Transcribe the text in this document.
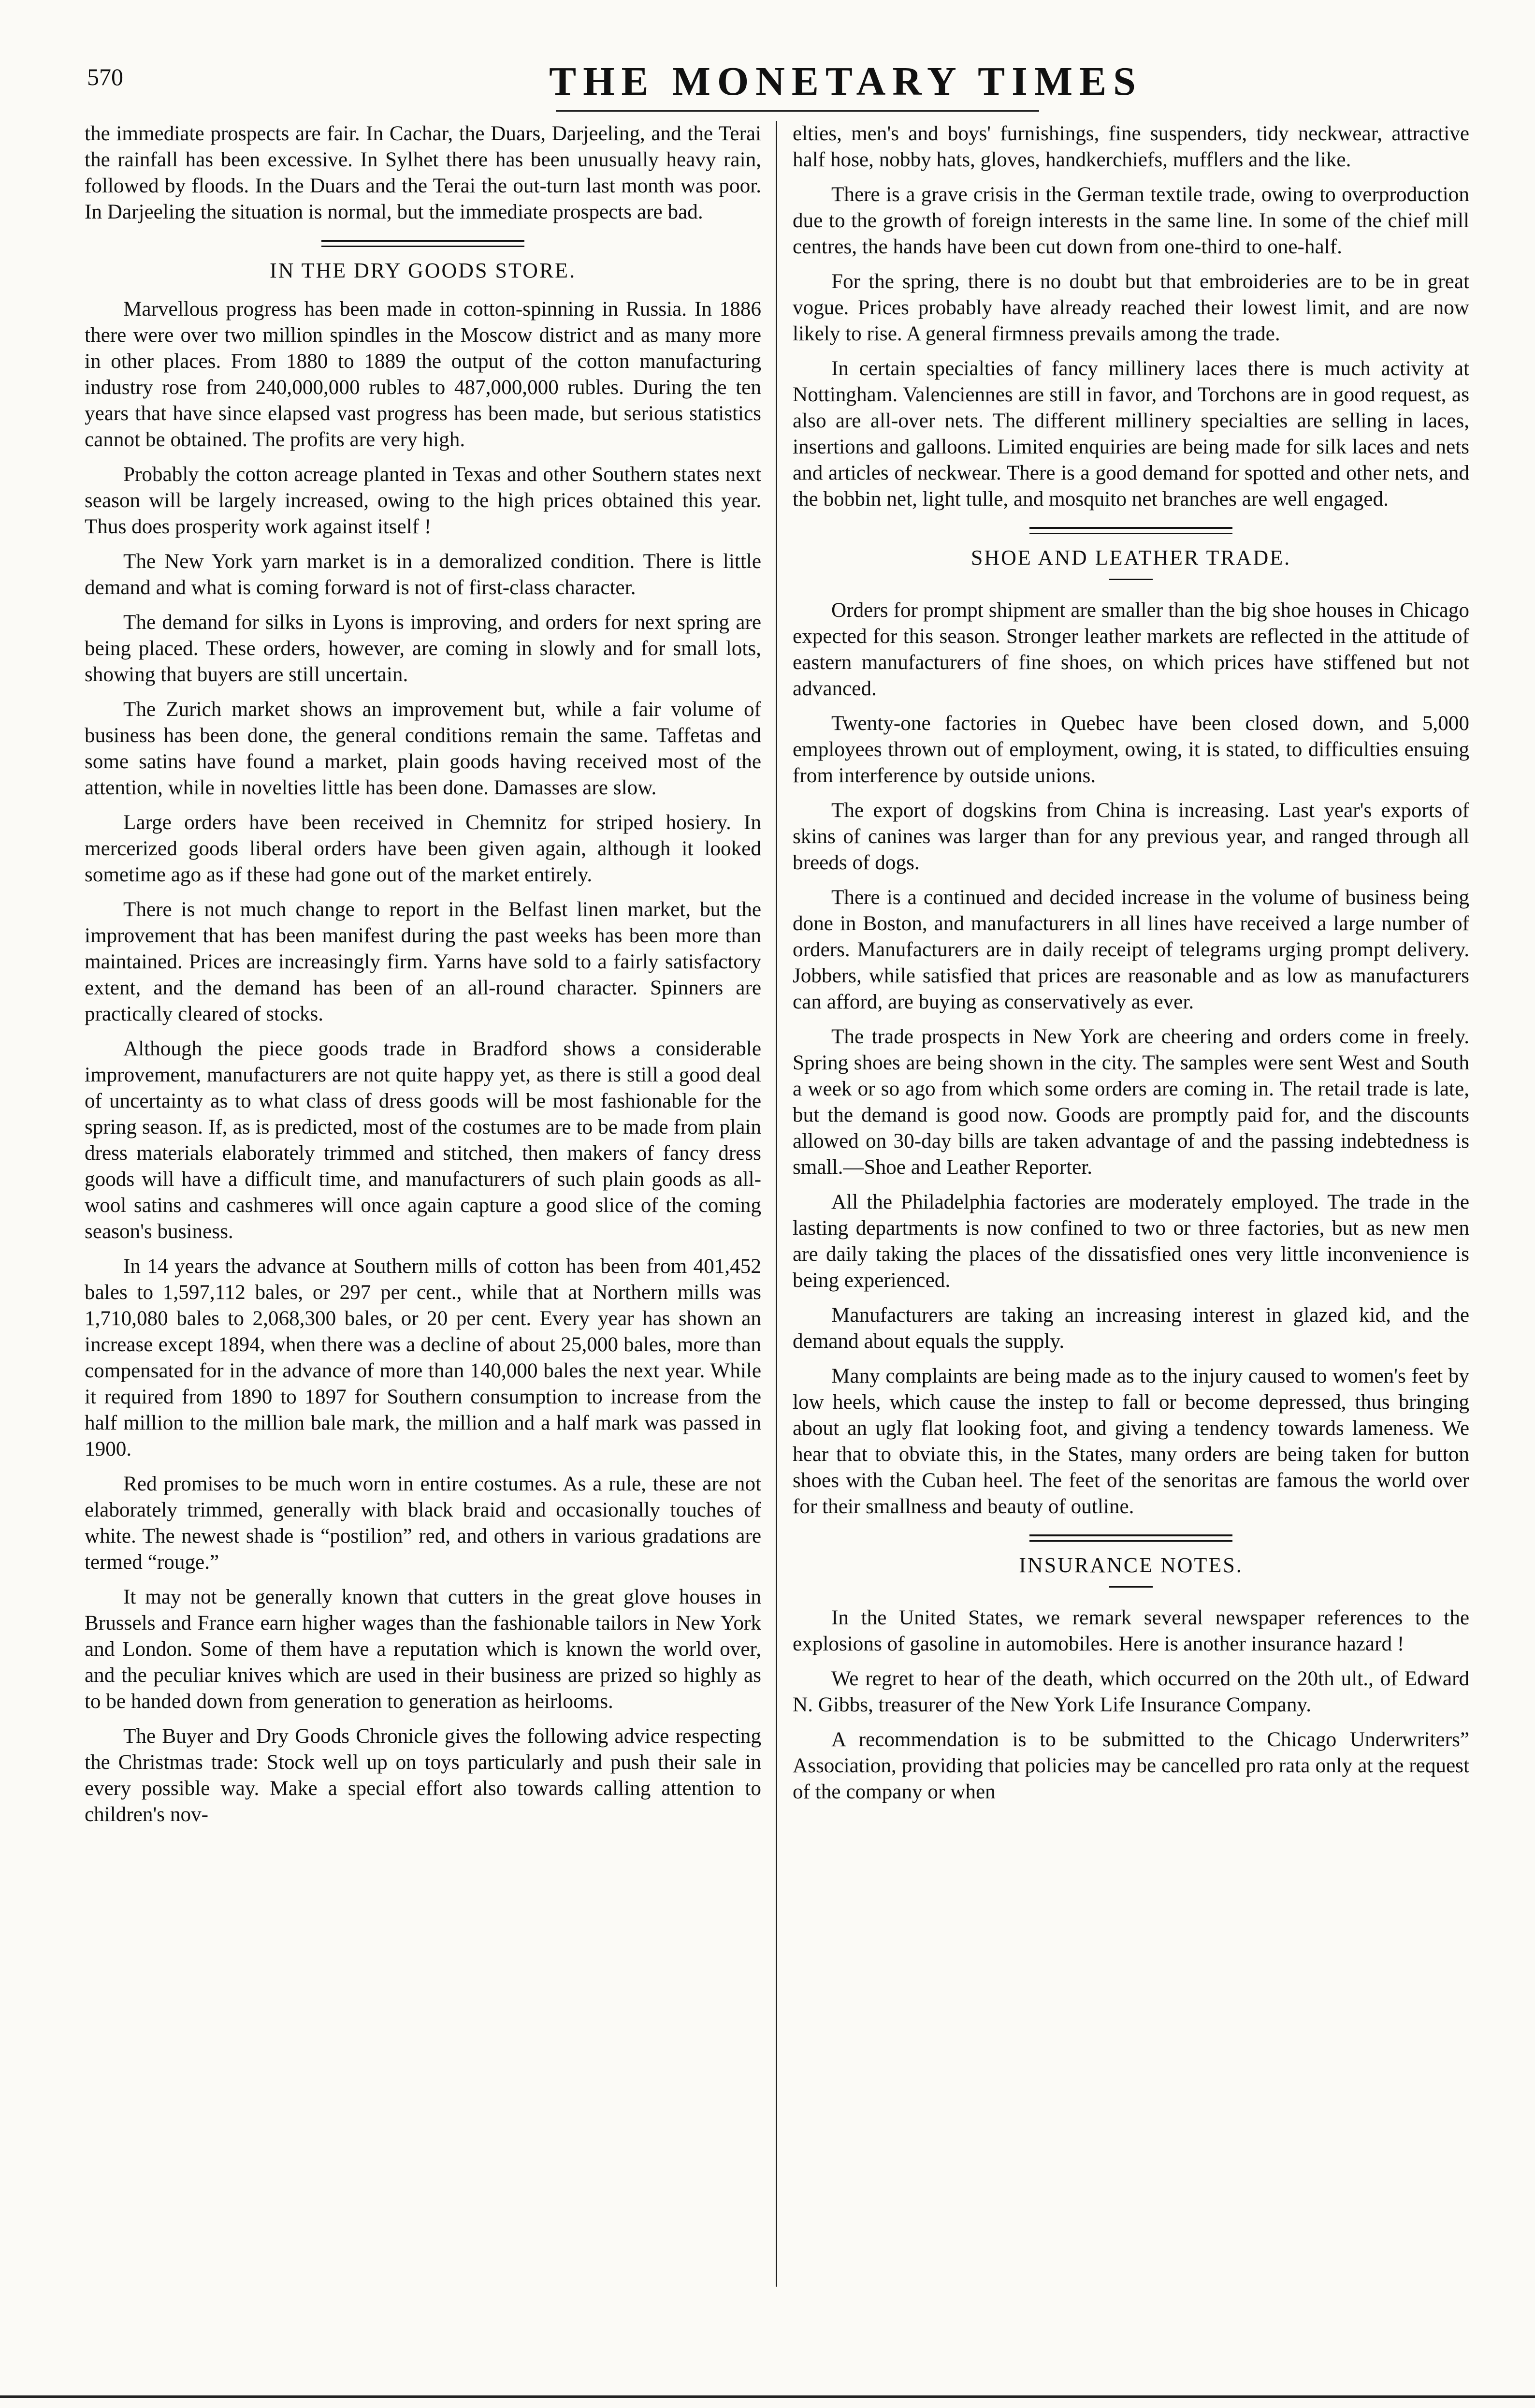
570	THE MONETARY TIMES

the immediate prospects are fair. In Cachar, the Duars, Darjeeling, and the Terai the rainfall has been excessive. In Sylhet there has been unusually heavy rain, followed by floods. In the Duars and the Terai the out-turn last month was poor. In Darjeeling the situation is normal, but the immediate prospects are bad.

IN THE DRY GOODS STORE.

Marvellous progress has been made in cotton-spinning in Russia. In 1886 there were over two million spindles in the Moscow district and as many more in other places. From 1880 to 1889 the output of the cotton manufacturing industry rose from 240,000,000 rubles to 487,000,000 rubles. During the ten years that have since elapsed vast progress has been made, but serious statistics cannot be obtained. The profits are very high.

Probably the cotton acreage planted in Texas and other Southern states next season will be largely increased, owing to the high prices obtained this year. Thus does prosperity work against itself !

The New York yarn market is in a demoralized condition. There is little demand and what is coming forward is not of first-class character.

The demand for silks in Lyons is improving, and orders for next spring are being placed. These orders, however, are coming in slowly and for small lots, showing that buyers are still uncertain.

The Zurich market shows an improvement but, while a fair volume of business has been done, the general conditions remain the same. Taffetas and some satins have found a market, plain goods having received most of the attention, while in novelties little has been done. Damasses are slow.

Large orders have been received in Chemnitz for striped hosiery. In mercerized goods liberal orders have been given again, although it looked sometime ago as if these had gone out of the market entirely.

There is not much change to report in the Belfast linen market, but the improvement that has been manifest during the past weeks has been more than maintained. Prices are increasingly firm. Yarns have sold to a fairly satisfactory extent, and the demand has been of an all-round character. Spinners are practically cleared of stocks.

Although the piece goods trade in Bradford shows a considerable improvement, manufacturers are not quite happy yet, as there is still a good deal of uncertainty as to what class of dress goods will be most fashionable for the spring season. If, as is predicted, most of the costumes are to be made from plain dress materials elaborately trimmed and stitched, then makers of fancy dress goods will have a difficult time, and manufacturers of such plain goods as all-wool satins and cashmeres will once again capture a good slice of the coming season's business.

In 14 years the advance at Southern mills of cotton has been from 401,452 bales to 1,597,112 bales, or 297 per cent., while that at Northern mills was 1,710,080 bales to 2,068,300 bales, or 20 per cent. Every year has shown an increase except 1894, when there was a decline of about 25,000 bales, more than compensated for in the advance of more than 140,000 bales the next year. While it required from 1890 to 1897 for Southern consumption to increase from the half million to the million bale mark, the million and a half mark was passed in 1900.

Red promises to be much worn in entire costumes. As a rule, these are not elaborately trimmed, generally with black braid and occasionally touches of white. The newest shade is “postilion” red, and others in various gradations are termed “rouge.”

It may not be generally known that cutters in the great glove houses in Brussels and France earn higher wages than the fashionable tailors in New York and London. Some of them have a reputation which is known the world over, and the peculiar knives which are used in their business are prized so highly as to be handed down from generation to generation as heirlooms.

The Buyer and Dry Goods Chronicle gives the following advice respecting the Christmas trade: Stock well up on toys particularly and push their sale in every possible way. Make a special effort also towards calling attention to children's nov-

elties, men's and boys' furnishings, fine suspenders, tidy neckwear, attractive half hose, nobby hats, gloves, handkerchiefs, mufflers and the like.

There is a grave crisis in the German textile trade, owing to overproduction due to the growth of foreign interests in the same line. In some of the chief mill centres, the hands have been cut down from one-third to one-half.

For the spring, there is no doubt but that embroideries are to be in great vogue. Prices probably have already reached their lowest limit, and are now likely to rise. A general firmness prevails among the trade.

In certain specialties of fancy millinery laces there is much activity at Nottingham. Valenciennes are still in favor, and Torchons are in good request, as also are all-over nets. The different millinery specialties are selling in laces, insertions and galloons. Limited enquiries are being made for silk laces and nets and articles of neckwear. There is a good demand for spotted and other nets, and the bobbin net, light tulle, and mosquito net branches are well engaged.

SHOE AND LEATHER TRADE.

Orders for prompt shipment are smaller than the big shoe houses in Chicago expected for this season. Stronger leather markets are reflected in the attitude of eastern manufacturers of fine shoes, on which prices have stiffened but not advanced.

Twenty-one factories in Quebec have been closed down, and 5,000 employees thrown out of employment, owing, it is stated, to difficulties ensuing from interference by outside unions.

The export of dogskins from China is increasing. Last year's exports of skins of canines was larger than for any previous year, and ranged through all breeds of dogs.

There is a continued and decided increase in the volume of business being done in Boston, and manufacturers in all lines have received a large number of orders. Manufacturers are in daily receipt of telegrams urging prompt delivery. Jobbers, while satisfied that prices are reasonable and as low as manufacturers can afford, are buying as conservatively as ever.

The trade prospects in New York are cheering and orders come in freely. Spring shoes are being shown in the city. The samples were sent West and South a week or so ago from which some orders are coming in. The retail trade is late, but the demand is good now. Goods are promptly paid for, and the discounts allowed on 30-day bills are taken advantage of and the passing indebtedness is small.—Shoe and Leather Reporter.

All the Philadelphia factories are moderately employed. The trade in the lasting departments is now confined to two or three factories, but as new men are daily taking the places of the dissatisfied ones very little inconvenience is being experienced.

Manufacturers are taking an increasing interest in glazed kid, and the demand about equals the supply.

Many complaints are being made as to the injury caused to women's feet by low heels, which cause the instep to fall or become depressed, thus bringing about an ugly flat looking foot, and giving a tendency towards lameness. We hear that to obviate this, in the States, many orders are being taken for button shoes with the Cuban heel. The feet of the senoritas are famous the world over for their smallness and beauty of outline.

INSURANCE NOTES.

In the United States, we remark several newspaper references to the explosions of gasoline in automobiles. Here is another insurance hazard !

We regret to hear of the death, which occurred on the 20th ult., of Edward N. Gibbs, treasurer of the New York Life Insurance Company.

A recommendation is to be submitted to the Chicago Underwriters” Association, providing that policies may be cancelled pro rata only at the request of the company or when
